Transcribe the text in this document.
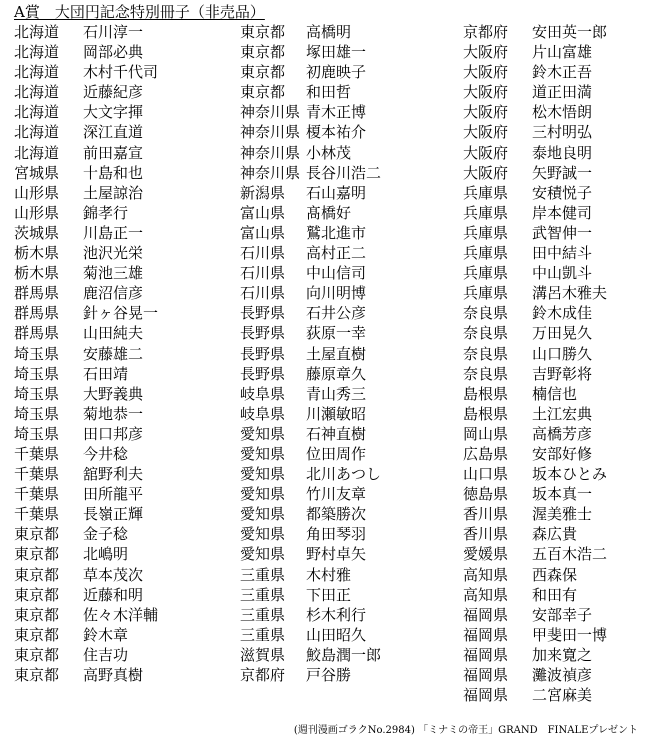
A賞　大団円記念特別冊子（非売品）
北海道 石川淳一
北海道 岡部必典
北海道 木村千代司
北海道 近藤紀彦
北海道 大文字揮
北海道 深江直道
北海道 前田嘉宣
宮城県 十島和也
山形県 土屋諒治
山形県 錦孝行
茨城県 川島正一
栃木県 池沢光栄
栃木県 菊池三雄
群馬県 鹿沼信彦
群馬県 針ヶ谷晃一
群馬県 山田純夫
埼玉県 安藤雄二
埼玉県 石田靖
埼玉県 大野義典
埼玉県 菊地恭一
埼玉県 田口邦彦
千葉県 今井稔
千葉県 舘野利夫
千葉県 田所龍平
千葉県 長嶺正輝
東京都 金子稔
東京都 北嶋明
東京都 草本茂次
東京都 近藤和明
東京都 佐々木洋輔
東京都 鈴木章
東京都 住吉功
東京都 高野真樹
東京都 高橋明
東京都 塚田雄一
東京都 初鹿映子
東京都 和田哲
神奈川県 青木正博
神奈川県 榎本祐介
神奈川県 小林茂
神奈川県 長谷川浩二
新潟県 石山嘉明
富山県 髙橋好
富山県 鷲北進市
石川県 高村正二
石川県 中山信司
石川県 向川明博
長野県 石井公彦
長野県 荻原一幸
長野県 土屋直樹
長野県 藤原章久
岐阜県 青山秀三
岐阜県 川瀬敏昭
愛知県 石神直樹
愛知県 位田周作
愛知県 北川あつし
愛知県 竹川友章
愛知県 都築勝次
愛知県 角田琴羽
愛知県 野村卓矢
三重県 木村雅
三重県 下田正
三重県 杉木利行
三重県 山田昭久
滋賀県 鮫島潤一郎
京都府 戸谷勝
京都府 安田英一郎
大阪府 片山富雄
大阪府 鈴木正吾
大阪府 道正田満
大阪府 松木悟朗
大阪府 三村明弘
大阪府 泰地良明
大阪府 矢野誠一
兵庫県 安積悦子
兵庫県 岸本健司
兵庫県 武智伸一
兵庫県 田中結斗
兵庫県 中山凱斗
兵庫県 溝呂木雅夫
奈良県 鈴木成佳
奈良県 万田晃久
奈良県 山口勝久
奈良県 吉野彰将
島根県 楠信也
島根県 土江宏典
岡山県 高橋芳彦
広島県 安部好修
山口県 坂本ひとみ
徳島県 坂本真一
香川県 渥美雅士
香川県 森広貴
愛媛県 五百木浩二
高知県 西森保
高知県 和田有
福岡県 安部幸子
福岡県 甲斐田一博
福岡県 加来寛之
福岡県 灘波禎彦
福岡県 二宮麻美
(週刊漫画ゴラクNo.2984) 「ミナミの帝王」GRAND　FINALEプレゼント
